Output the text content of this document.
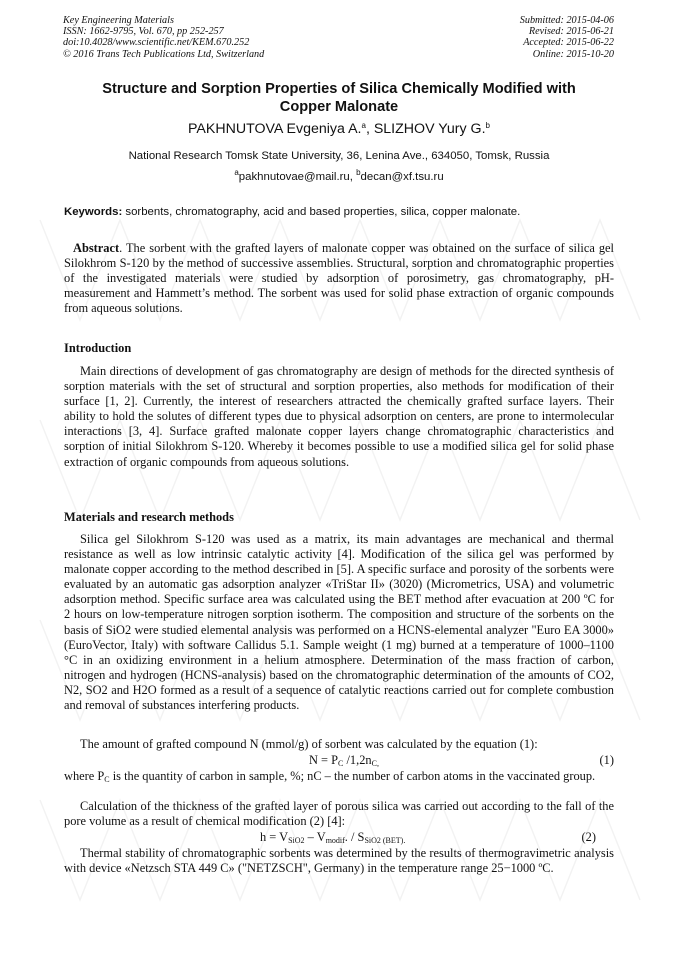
Key Engineering Materials
ISSN: 1662-9795, Vol. 670, pp 252-257
doi:10.4028/www.scientific.net/KEM.670.252
© 2016 Trans Tech Publications Ltd, Switzerland
Submitted: 2015-04-06
Revised: 2015-06-21
Accepted: 2015-06-22
Online: 2015-10-20
Structure and Sorption Properties of Silica Chemically Modified with
Copper Malonate
PAKHNUTOVA Evgeniya A.$^a$, SLIZHOV Yury G.$^b$
National Research Tomsk State University, 36, Lenina Ave., 634050, Tomsk, Russia
$^a$pakhnutovae@mail.ru, $^b$decan@xf.tsu.ru
Keywords: sorbents, chromatography, acid and based properties, silica, copper malonate.
Abstract. The sorbent with the grafted layers of malonate copper was obtained on the surface of silica gel Silokhrom S-120 by the method of successive assemblies. Structural, sorption and chromatographic properties of the investigated materials were studied by adsorption of porosimetry, gas chromatography, pH-measurement and Hammett’s method. The sorbent was used for solid phase extraction of organic compounds from aqueous solutions.
Introduction
Main directions of development of gas chromatography are design of methods for the directed synthesis of sorption materials with the set of structural and sorption properties, also methods for modification of their surface [1, 2]. Currently, the interest of researchers attracted the chemically grafted surface layers. Their ability to hold the solutes of different types due to physical adsorption on centers, are prone to intermolecular interactions [3, 4]. Surface grafted malonate copper layers change chromatographic characteristics and sorption of initial Silokhrom S-120. Whereby it becomes possible to use a modified silica gel for solid phase extraction of organic compounds from aqueous solutions.
Materials and research methods
Silica gel Silokhrom S-120 was used as a matrix, its main advantages are mechanical and thermal resistance as well as low intrinsic catalytic activity [4]. Modification of the silica gel was performed by malonate copper according to the method described in [5]. A specific surface and porosity of the sorbents were evaluated by an automatic gas adsorption analyzer «TriStar II» (3020) (Micrometrics, USA) and volumetric adsorption method. Specific surface area was calculated using the BET method after evacuation at 200 ºC for 2 hours on low-temperature nitrogen sorption isotherm. The composition and structure of the sorbents on the basis of SiO2 were studied elemental analysis was performed on a HCNS-elemental analyzer "Euro EA 3000» (EuroVector, Italy) with software Callidus 5.1. Sample weight (1 mg) burned at a temperature of 1000–1100 °C in an oxidizing environment in a helium atmosphere. Determination of the mass fraction of carbon, nitrogen and hydrogen (HCNS-analysis) based on the chromatographic determination of the amounts of CO2, N2, SO2 and H2O formed as a result of a sequence of catalytic reactions carried out for complete combustion and removal of substances interfering products.
The amount of grafted compound N (mmol/g) of sorbent was calculated by the equation (1):
$N = P_C$ $/1,2n_{C,}$	(1)
where $P_C$ is the quantity of carbon in sample, %; nC – the number of carbon atoms in the vaccinated group.
Calculation of the thickness of the grafted layer of porous silica was carried out according to the fall of the pore volume as a result of chemical modification (2) [4]:
$h = V_{SiO2} - V_{modif}$. / $S_{SiO2 (BET).}$	(2)
Thermal stability of chromatographic sorbents was determined by the results of thermogravimetric analysis with device «Netzsch STA 449 C» ("NETZSCH", Germany) in the temperature range 25−1000 ºC.
